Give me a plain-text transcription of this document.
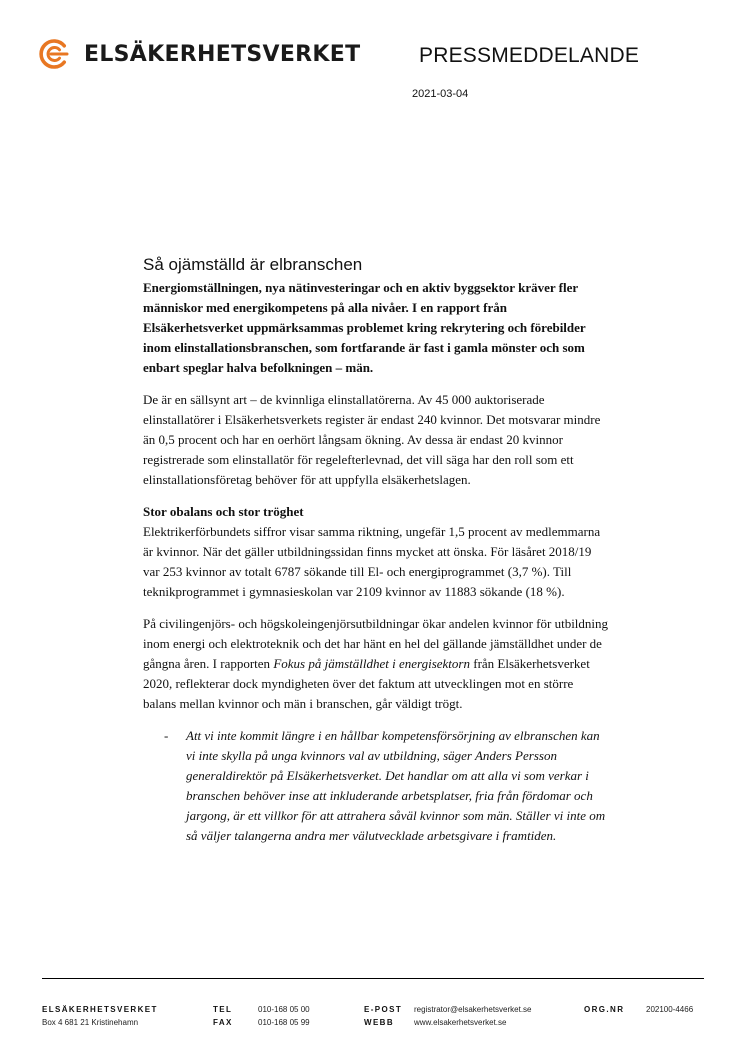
ELSÄKERHETSVERKET	PRESSMEDDELANDE
2021-03-04
Så ojämställd är elbranschen

Energiomställningen, nya nätinvesteringar och en aktiv byggsektor kräver fler människor med energikompetens på alla nivåer. I en rapport från Elsäkerhetsverket uppmärksammas problemet kring rekrytering och förebilder inom elinstallationsbranschen, som fortfarande är fast i gamla mönster och som enbart speglar halva befolkningen – män.

De är en sällsynt art – de kvinnliga elinstallatörerna. Av 45 000 auktoriserade elinstallatörer i Elsäkerhetsverkets register är endast 240 kvinnor. Det motsvarar mindre än 0,5 procent och har en oerhört långsam ökning. Av dessa är endast 20 kvinnor registrerade som elinstallatör för regelefterlevnad, det vill säga har den roll som ett elinstallationsföretag behöver för att uppfylla elsäkerhetslagen.

Stor obalans och stor tröghet
Elektrikerförbundets siffror visar samma riktning, ungefär 1,5 procent av medlemmarna är kvinnor. När det gäller utbildningssidan finns mycket att önska. För läsåret 2018/19 var 253 kvinnor av totalt 6787 sökande till El- och energiprogrammet (3,7 %). Till teknikprogrammet i gymnasieskolan var 2109 kvinnor av 11883 sökande (18 %).

På civilingenjörs- och högskoleingenjörsutbildningar ökar andelen kvinnor för utbildning inom energi och elektroteknik och det har hänt en hel del gällande jämställdhet under de gångna åren. I rapporten Fokus på jämställdhet i energisektorn från Elsäkerhetsverket 2020, reflekterar dock myndigheten över det faktum att utvecklingen mot en större balans mellan kvinnor och män i branschen, går väldigt trögt.

- Att vi inte kommit längre i en hållbar kompetensförsörjning av elbranschen kan vi inte skylla på unga kvinnors val av utbildning, säger Anders Persson generaldirektör på Elsäkerhetsverket. Det handlar om att alla vi som verkar i branschen behöver inse att inkluderande arbetsplatser, fria från fördomar och jargong, är ett villkor för att attrahera såväl kvinnor som män. Ställer vi inte om så väljer talangerna andra mer välutvecklade arbetsgivare i framtiden.

ELSÄKERHETSVERKET
Box 4 681 21 Kristinehamn
TEL
FAX
010-168 05 00
010-168 05 99
E-POST
WEBB
registrator@elsakerhetsverket.se
www.elsakerhetsverket.se
ORG.NR	202100-4466
